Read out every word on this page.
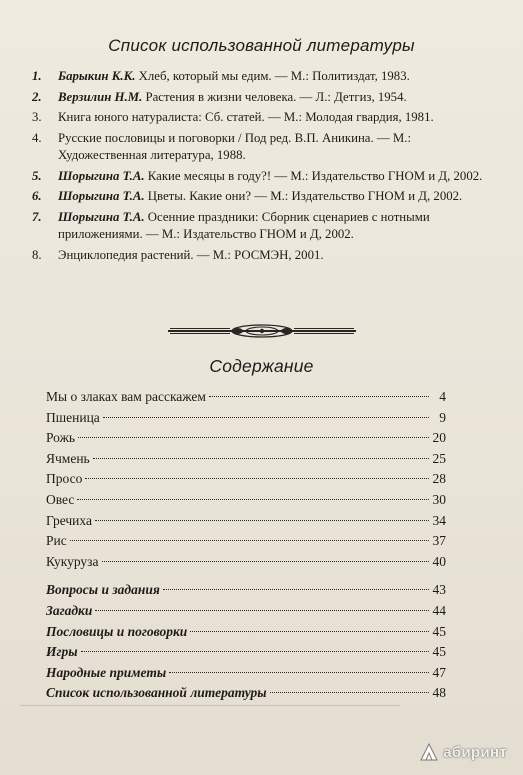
Список использованной литературы
1.	Барыкин К.К. Хлеб, который мы едим. — М.: Политиздат, 1983.
2.	Верзилин Н.М. Растения в жизни человека. — Л.: Детгиз, 1954.
3.	Книга юного натуралиста: Сб. статей. — М.: Молодая гвардия, 1981.
4.	Русские пословицы и поговорки / Под ред. В.П. Аникина. — М.: Художественная литература, 1988.
5.	Шорыгина Т.А. Какие месяцы в году?! — М.: Издательство ГНОМ и Д, 2002.
6.	Шорыгина Т.А. Цветы. Какие они? — М.: Издательство ГНОМ и Д, 2002.
7.	Шорыгина Т.А. Осенние праздники: Сборник сценариев с нотными приложениями. — М.: Издательство ГНОМ и Д, 2002.
8.	Энциклопедия растений. — М.: РОСМЭН, 2001.
Содержание
Мы о злаках вам расскажем	4
Пшеница	9
Рожь	20
Ячмень	25
Просо	28
Овес	30
Гречиха	34
Рис	37
Кукуруза	40
Вопросы и задания	43
Загадки	44
Пословицы и поговорки	45
Игры	45
Народные приметы	47
Список использованной литературы	48
абиринт
